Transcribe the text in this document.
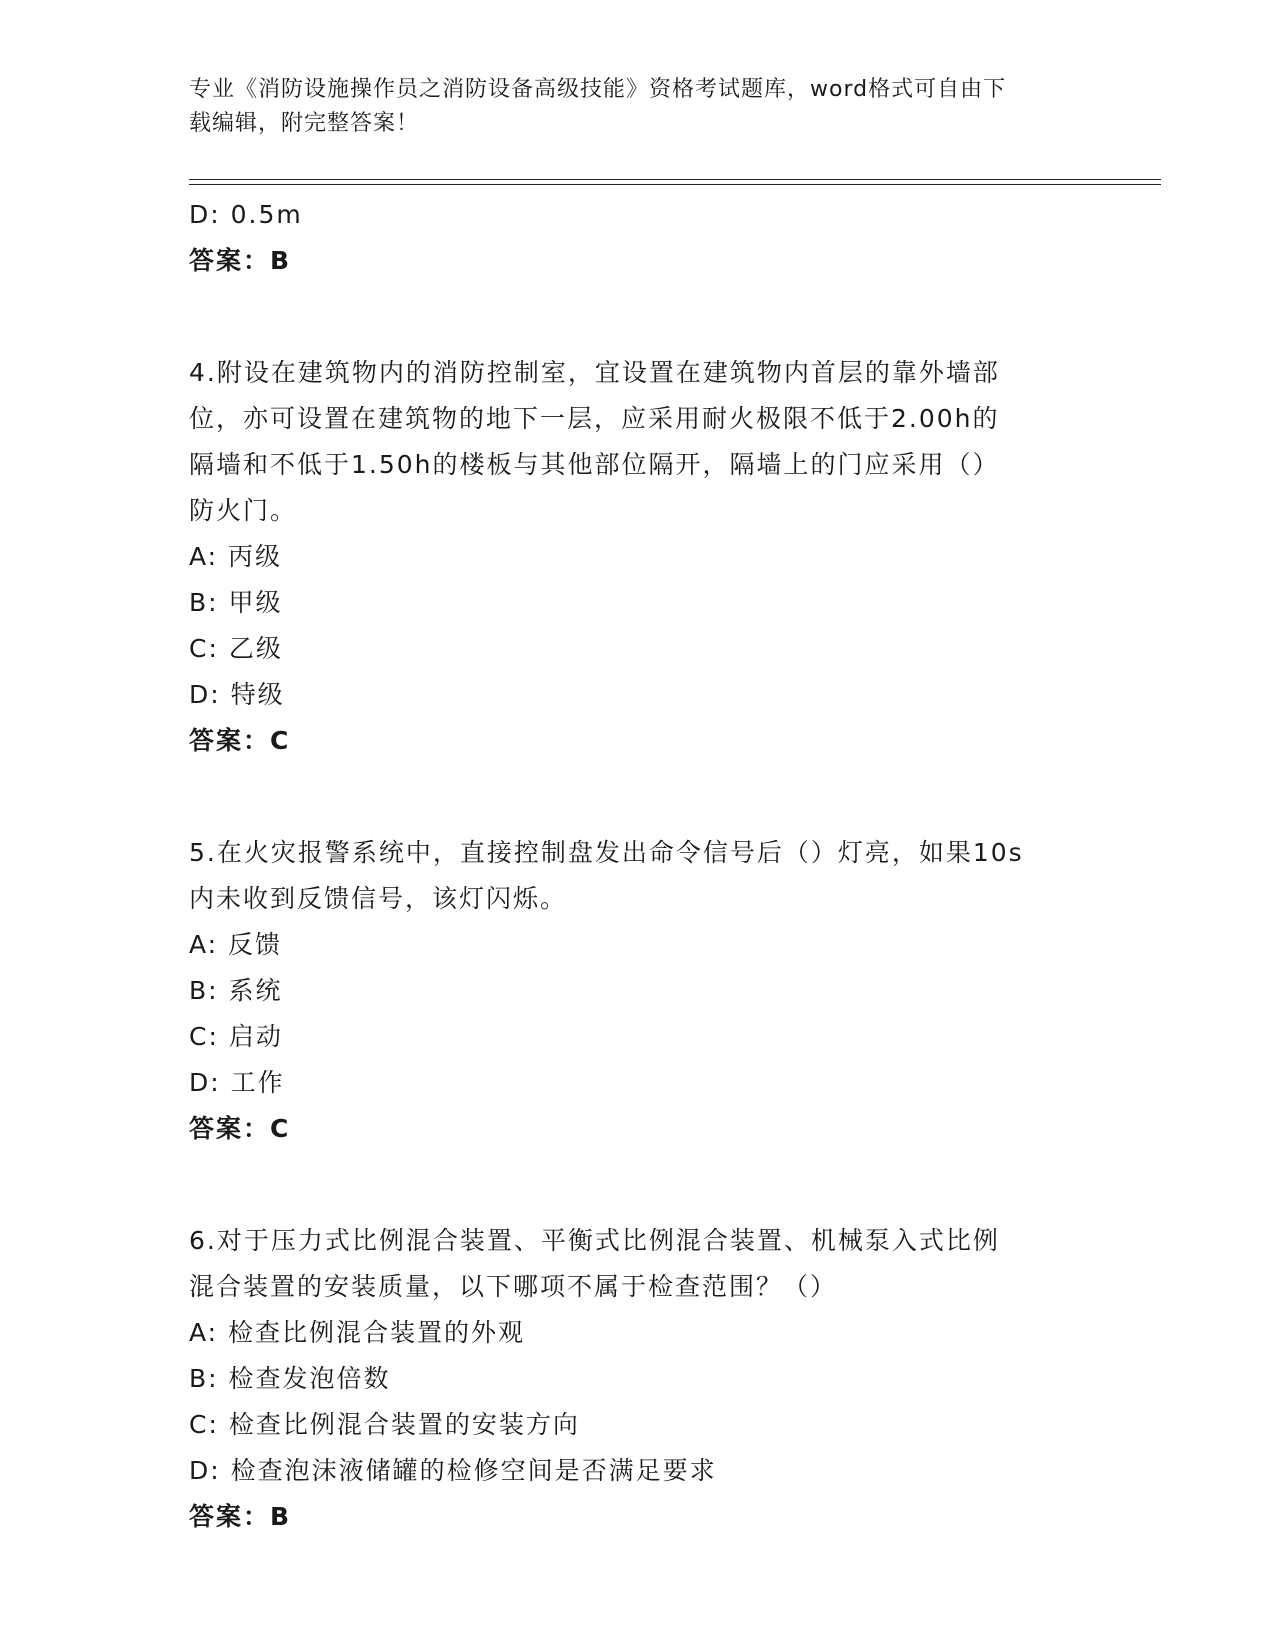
专业《消防设施操作员之消防设备高级技能》资格考试题库，word格式可自由下
载编辑，附完整答案！
D: 0.5m
答案：B
4.附设在建筑物内的消防控制室，宜设置在建筑物内首层的靠外墙部
位，亦可设置在建筑物的地下一层，应采用耐火极限不低于2.00h的
隔墙和不低于1.50h的楼板与其他部位隔开，隔墙上的门应采用（）
防火门。
A: 丙级
B: 甲级
C: 乙级
D: 特级
答案：C
5.在火灾报警系统中，直接控制盘发出命令信号后（）灯亮，如果10s
内未收到反馈信号，该灯闪烁。
A: 反馈
B: 系统
C: 启动
D: 工作
答案：C
6.对于压力式比例混合装置、平衡式比例混合装置、机械泵入式比例
混合装置的安装质量，以下哪项不属于检查范围？（）
A: 检查比例混合装置的外观
B: 检查发泡倍数
C: 检查比例混合装置的安装方向
D: 检查泡沫液储罐的检修空间是否满足要求
答案：B
